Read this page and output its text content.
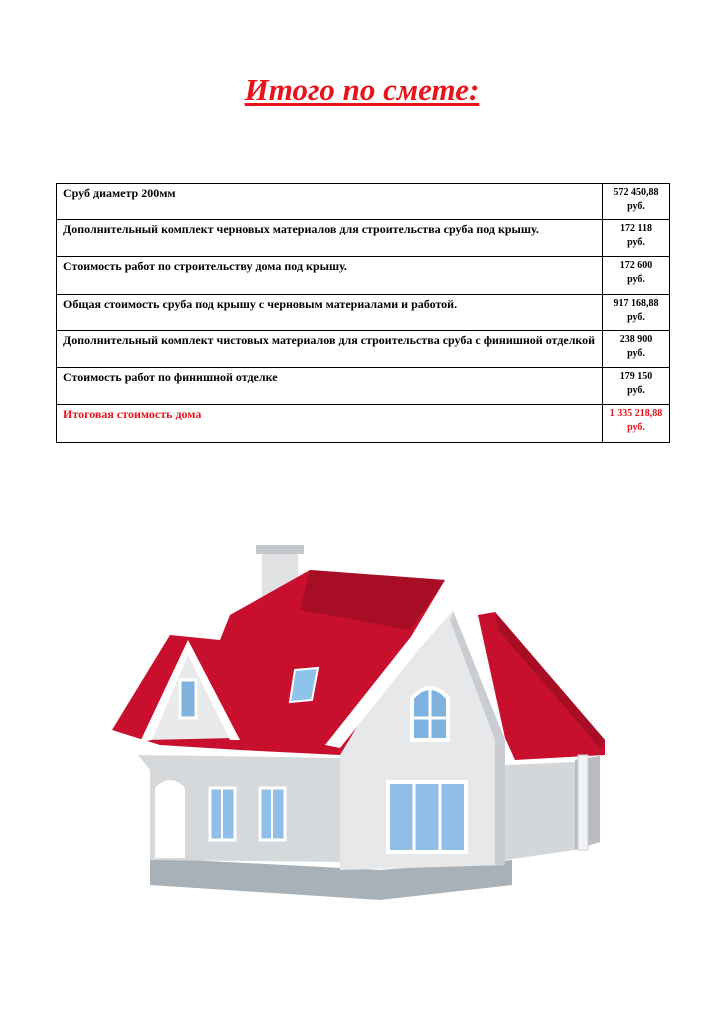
Итого по смете:
Сруб диаметр 200мм	572 450,88
руб.
Дополнительный комплект черновых материалов для строительства сруба под крышу.	172 118
руб.
Стоимость работ по строительству дома под крышу.	172 600
руб.
Общая стоимость сруба под крышу с черновым материалами и работой.	917 168,88
руб.
Дополнительный комплект чистовых материалов для строительства сруба с финишной отделкой	238 900
руб.
Стоимость работ по финишной отделке	179 150
руб.
Итоговая стоимость дома	1 335 218,88
руб.
